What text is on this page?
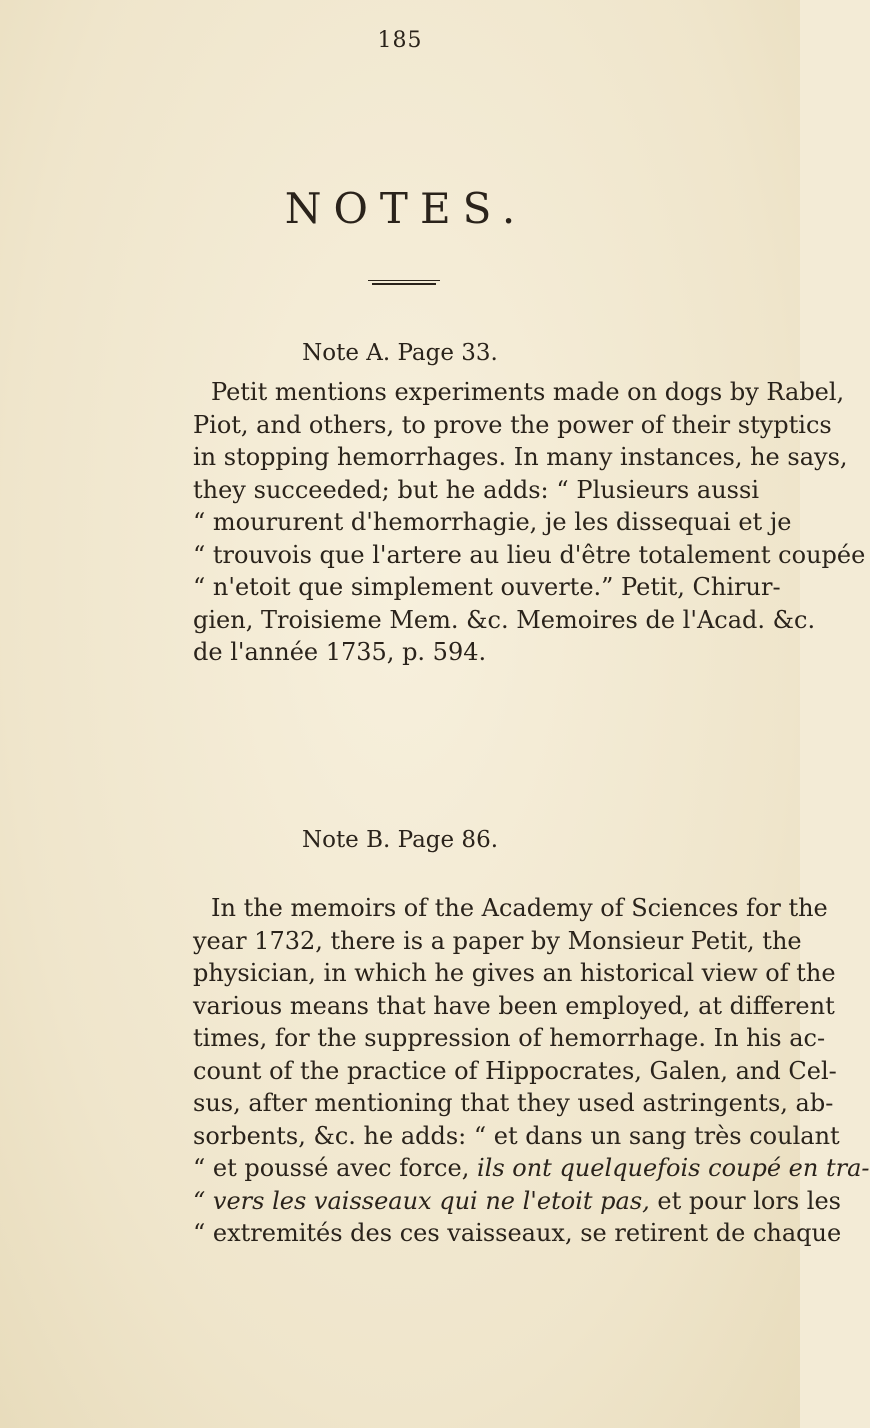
185
NOTES.
Note A. Page 33.
Petit mentions experiments made on dogs by Rabel,
Piot, and others, to prove the power of their styptics
in stopping hemorrhages. In many instances, he says,
they succeeded; but he adds: “ Plusieurs aussi
“ moururent d'hemorrhagie, je les dissequai et je
“ trouvois que l'artere au lieu d'être totalement coupée
“ n'etoit que simplement ouverte.” Petit, Chirur-
gien, Troisieme Mem. &c. Memoires de l'Acad. &c.
de l'année 1735, p. 594.
Note B. Page 86.
In the memoirs of the Academy of Sciences for the
year 1732, there is a paper by Monsieur Petit, the
physician, in which he gives an historical view of the
various means that have been employed, at different
times, for the suppression of hemorrhage. In his ac-
count of the practice of Hippocrates, Galen, and Cel-
sus, after mentioning that they used astringents, ab-
sorbents, &c. he adds: “ et dans un sang très coulant
“ et poussé avec force, ils ont quelquefois coupé en tra-
“ vers les vaisseaux qui ne l'etoit pas, et pour lors les
“ extremités des ces vaisseaux, se retirent de chaque
